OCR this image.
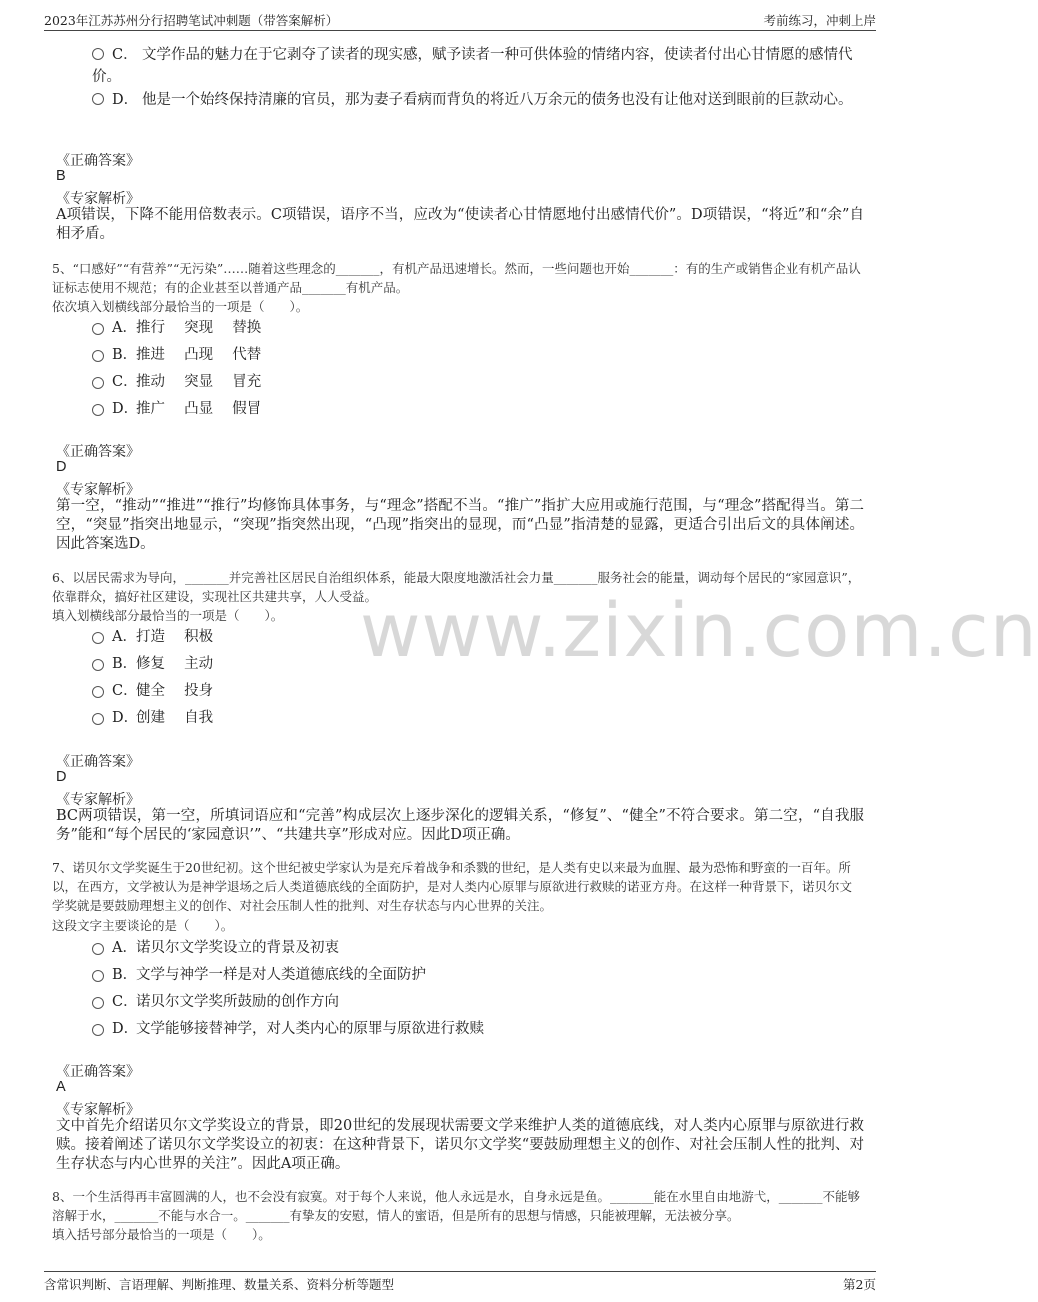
2023年江苏苏州分行招聘笔试冲刺题（带答案解析）	考前练习，冲刺上岸
www.zixin.com.cn
C． 文学作品的魅力在于它剥夺了读者的现实感，赋予读者一种可供体验的情绪内容，使读者付出心甘情愿的感情代价。
D． 他是一个始终保持清廉的官员，那为妻子看病而背负的将近八万余元的债务也没有让他对送到眼前的巨款动心。
《正确答案》
B
《专家解析》
A项错误，下降不能用倍数表示。C项错误，语序不当，应改为“使读者心甘情愿地付出感情代价”。D项错误，“将近”和“余”自相矛盾。
5、“口感好”“有营养”“无污染”……随着这些理念的_______，有机产品迅速增长。然而，一些问题也开始_______：有的生产或销售企业有机产品认证标志使用不规范；有的企业甚至以普通产品_______有机产品。
依次填入划横线部分最恰当的一项是（　　）。
A．推行　 突现　 替换
B．推进　 凸现　 代替
C．推动　 突显　 冒充
D．推广　 凸显　 假冒
《正确答案》
D
《专家解析》
第一空，“推动”“推进”“推行”均修饰具体事务，与“理念”搭配不当。“推广”指扩大应用或施行范围，与“理念”搭配得当。第二空，“突显”指突出地显示，“突现”指突然出现，“凸现”指突出的显现，而“凸显”指清楚的显露，更适合引出后文的具体阐述。因此答案选D。
6、以居民需求为导向，_______并完善社区居民自治组织体系，能最大限度地激活社会力量_______服务社会的能量，调动每个居民的“家园意识”，依靠群众，搞好社区建设，实现社区共建共享，人人受益。
填入划横线部分最恰当的一项是（　　）。
A．打造　 积极
B．修复　 主动
C．健全　 投身
D．创建　 自我
《正确答案》
D
《专家解析》
BC两项错误，第一空，所填词语应和“完善”构成层次上逐步深化的逻辑关系，“修复”、“健全”不符合要求。第二空，“自我服务”能和“每个居民的‘家园意识’”、“共建共享”形成对应。因此D项正确。
7、诺贝尔文学奖诞生于20世纪初。这个世纪被史学家认为是充斥着战争和杀戮的世纪，是人类有史以来最为血腥、最为恐怖和野蛮的一百年。所以，在西方，文学被认为是神学退场之后人类道德底线的全面防护，是对人类内心原罪与原欲进行救赎的诺亚方舟。在这样一种背景下，诺贝尔文学奖就是要鼓励理想主义的创作、对社会压制人性的批判、对生存状态与内心世界的关注。
这段文字主要谈论的是（　　）。
A．诺贝尔文学奖设立的背景及初衷
B．文学与神学一样是对人类道德底线的全面防护
C．诺贝尔文学奖所鼓励的创作方向
D．文学能够接替神学，对人类内心的原罪与原欲进行救赎
《正确答案》
A
《专家解析》
文中首先介绍诺贝尔文学奖设立的背景，即20世纪的发展现状需要文学来维护人类的道德底线，对人类内心原罪与原欲进行救赎。接着阐述了诺贝尔文学奖设立的初衷：在这种背景下，诺贝尔文学奖“要鼓励理想主义的创作、对社会压制人性的批判、对生存状态与内心世界的关注”。因此A项正确。
8、一个生活得再丰富圆满的人，也不会没有寂寞。对于每个人来说，他人永远是水，自身永远是鱼。_______能在水里自由地游弋，_______不能够溶解于水，_______不能与水合一。_______有挚友的安慰，情人的蜜语，但是所有的思想与情感，只能被理解，无法被分享。
填入括号部分最恰当的一项是（　　）。
含常识判断、言语理解、判断推理、数量关系、资料分析等题型	第2页
